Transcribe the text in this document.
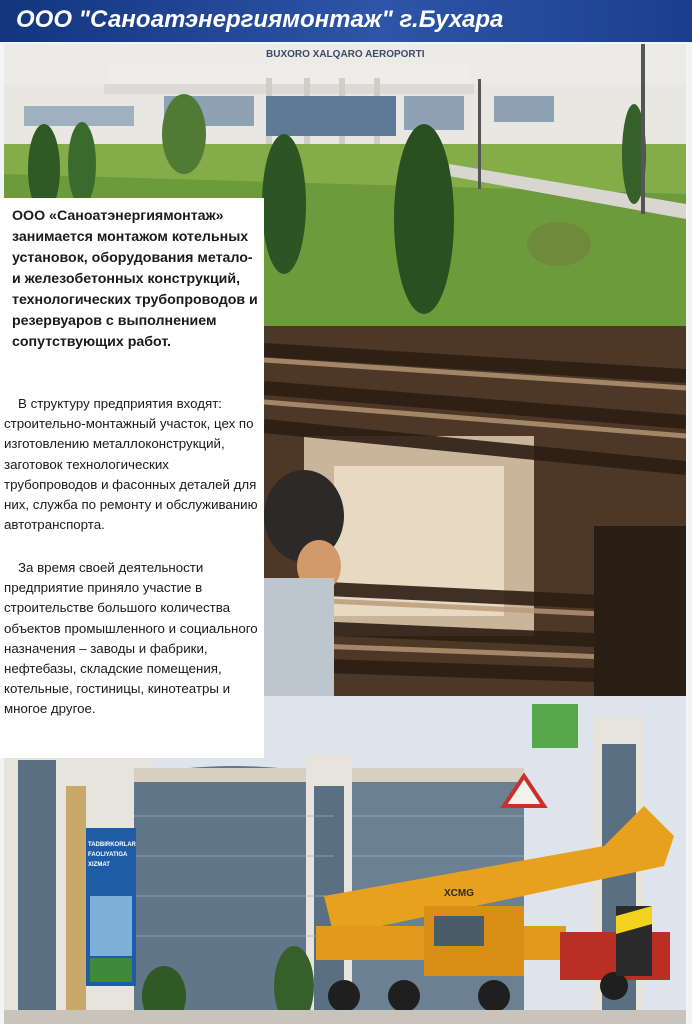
ООО "Саноатэнергиямонтаж" г.Бухара
BUXORO XALQARO AEROPORTI
TADBIRKORLAR
FAOLIYATIGA
XIZMAT
XCMG

ООО «Саноатэнергиямонтаж» занимается монтажом котельных установок, оборудования метало- и железобетонных конструкций, технологических трубопроводов и резервуаров с выполнением сопутствующих работ.

В структуру предприятия входят: строительно-монтажный участок, цех по изготовлению металлоконструкций, заготовок технологических трубопроводов и фасонных деталей для них, служба по ремонту и обслуживанию автотранспорта.

За время своей деятельности предприятие приняло участие в строительстве большого количества объектов промышленного и социального назначения – заводы и фабрики, нефтебазы, складские помещения, котельные, гостиницы, кинотеатры и многое другое.
